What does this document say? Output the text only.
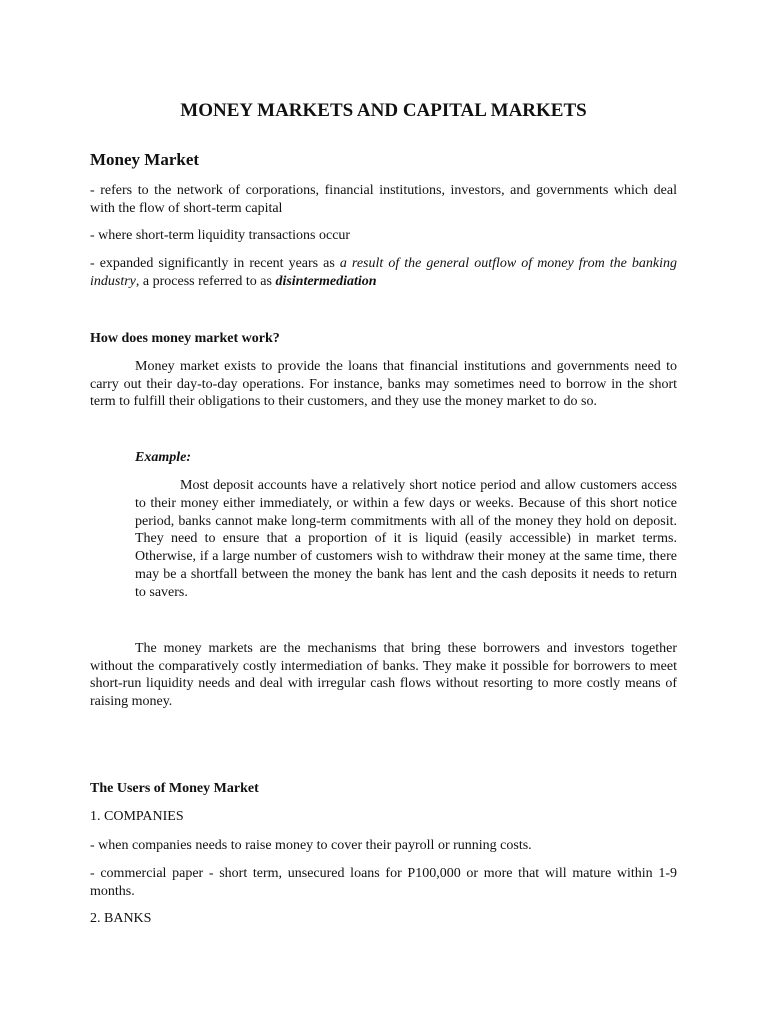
MONEY MARKETS AND CAPITAL MARKETS
Money Market

- refers to the network of corporations, financial institutions, investors, and governments which deal with the flow of short-term capital

- where short-term liquidity transactions occur

- expanded significantly in recent years as a result of the general outflow of money from the banking industry, a process referred to as disintermediation

How does money market work?

Money market exists to provide the loans that financial institutions and governments need to carry out their day-to-day operations. For instance, banks may sometimes need to borrow in the short term to fulfill their obligations to their customers, and they use the money market to do so.

Example:

Most deposit accounts have a relatively short notice period and allow customers access to their money either immediately, or within a few days or weeks. Because of this short notice period, banks cannot make long-term commitments with all of the money they hold on deposit. They need to ensure that a proportion of it is liquid (easily accessible) in market terms. Otherwise, if a large number of customers wish to withdraw their money at the same time, there may be a shortfall between the money the bank has lent and the cash deposits it needs to return to savers.

The money markets are the mechanisms that bring these borrowers and investors together without the comparatively costly intermediation of banks. They make it possible for borrowers to meet short-run liquidity needs and deal with irregular cash flows without resorting to more costly means of raising money.

The Users of Money Market

1. COMPANIES

- when companies needs to raise money to cover their payroll or running costs.

- commercial paper - short term, unsecured loans for P100,000 or more that will mature within 1-9 months.

2. BANKS
